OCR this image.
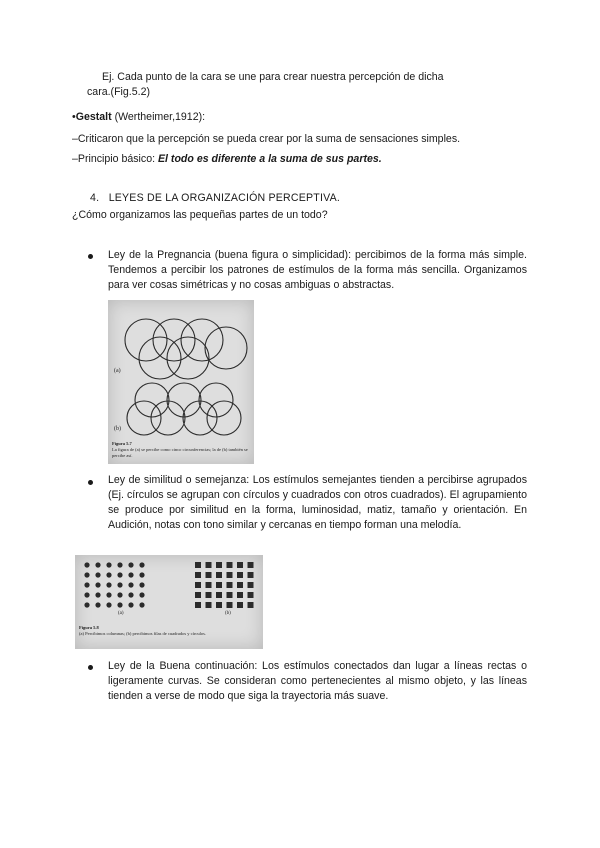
Ej. Cada punto de la cara se une para crear nuestra percepción de dicha
cara.(Fig.5.2)

•Gestalt (Wertheimer,1912):

–Criticaron que la percepción se pueda crear por la suma de sensaciones simples.

–Principio básico: El todo es diferente a la suma de sus partes.

4. LEYES DE LA ORGANIZACIÓN PERCEPTIVA.

¿Cómo organizamos las pequeñas partes de un todo?

Ley de la Pregnancia (buena figura o simplicidad): percibimos de la forma más simple. Tendemos a percibir los patrones de estímulos de la forma más sencilla. Organizamos para ver cosas simétricas y no cosas ambiguas o abstractas.

(a)
(b)
Figura 5.7
La figura de (a) se percibe como cinco circunferencias; la de (b) también se percibe así.

Ley de similitud o semejanza: Los estímulos semejantes tienden a percibirse agrupados (Ej. círculos se agrupan con círculos y cuadrados con otros cuadrados). El agrupamiento se produce por similitud en la forma, luminosidad, matiz, tamaño y orientación. En Audición, notas con tono similar y cercanas en tiempo forman una melodía.

(a)	(b)
Figura 5.8
(a) Percibimos columnas; (b) percibimos filas de cuadrados y círculos.

Ley de la Buena continuación: Los estímulos conectados dan lugar a líneas rectas o ligeramente curvas. Se consideran como pertenecientes al mismo objeto, y las líneas tienden a verse de modo que siga la trayectoria más suave.
